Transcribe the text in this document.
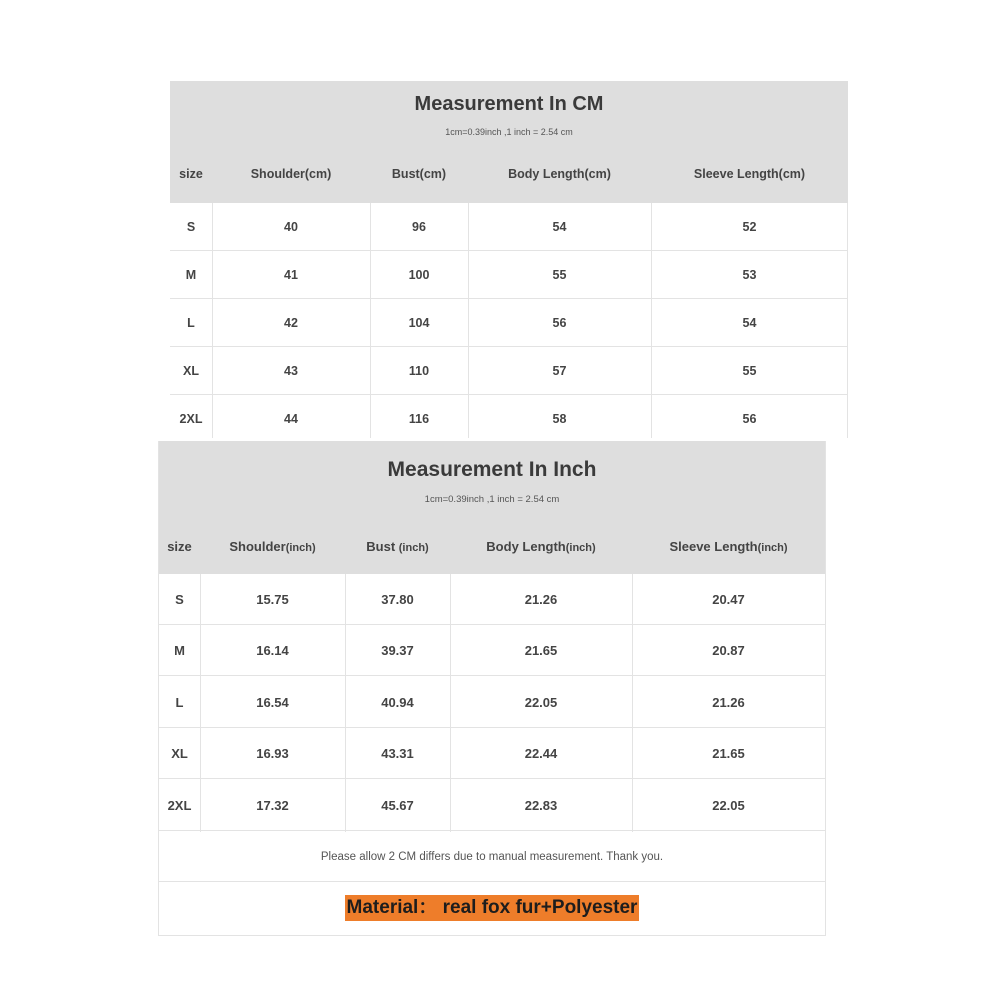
Measurement In CM
1cm=0.39inch ,1 inch = 2.54 cm
size	Shoulder(cm)	Bust(cm)	Body Length(cm)	Sleeve Length(cm)
S	40	96	54	52
M	41	100	55	53
L	42	104	56	54
XL	43	110	57	55
2XL	44	116	58	56
Measurement In Inch
1cm=0.39inch ,1 inch = 2.54 cm
size	Shoulder(inch)	Bust (inch)	Body Length(inch)	Sleeve Length(inch)
S	15.75	37.80	21.26	20.47
M	16.14	39.37	21.65	20.87
L	16.54	40.94	22.05	21.26
XL	16.93	43.31	22.44	21.65
2XL	17.32	45.67	22.83	22.05
Please allow 2 CM differs due to manual measurement. Thank you.
Material： real fox fur+Polyester
